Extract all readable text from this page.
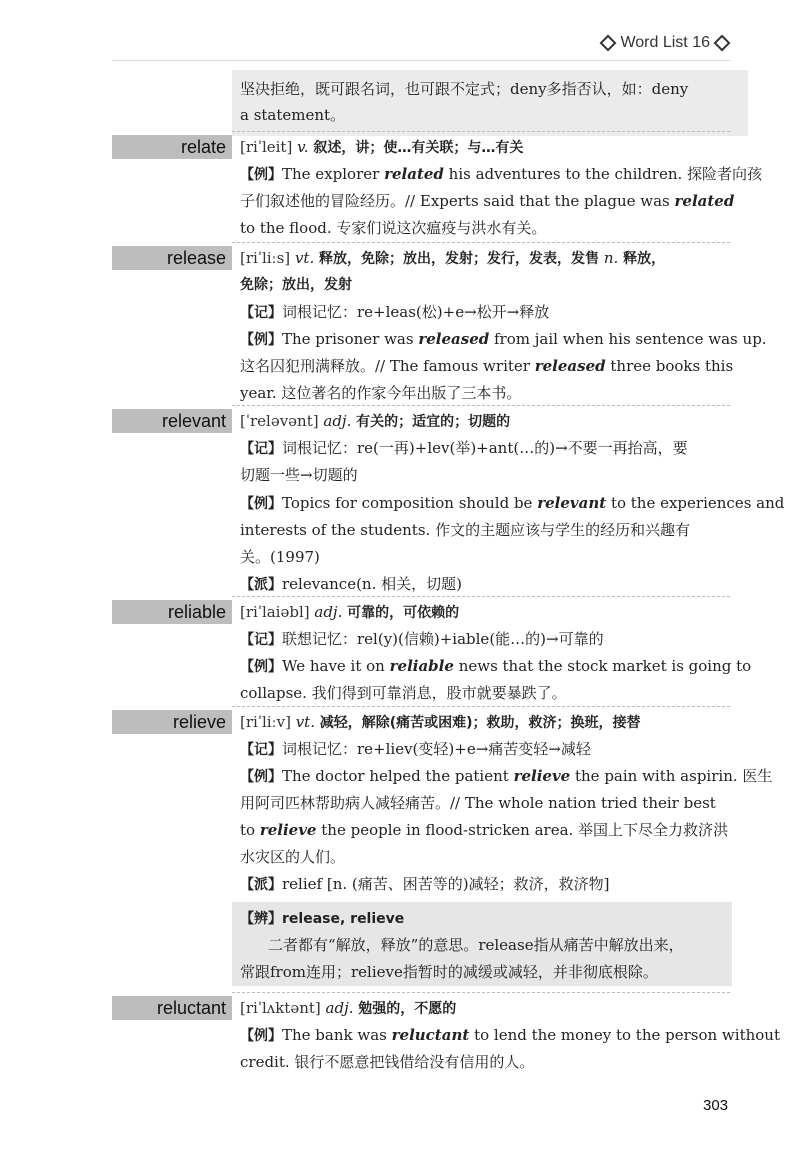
Word List 16
坚决拒绝，既可跟名词，也可跟不定式；deny多指否认，如：deny
a statement。
relate [riˈleit] v. 叙述，讲；使…有关联；与…有关
【例】The explorer related his adventures to the children. 探险者向孩
子们叙述他的冒险经历。// Experts said that the plague was related
to the flood. 专家们说这次瘟疫与洪水有关。
release [riˈliːs] vt. 释放，免除；放出，发射；发行，发表，发售 n. 释放，
免除；放出，发射
【记】词根记忆：re+leas(松)+e→松开→释放
【例】The prisoner was released from jail when his sentence was up.
这名囚犯刑满释放。// The famous writer released three books this
year. 这位著名的作家今年出版了三本书。
relevant [ˈreləvənt] adj. 有关的；适宜的；切题的
【记】词根记忆：re(一再)+lev(举)+ant(…的)→不要一再抬高，要
切题一些→切题的
【例】Topics for composition should be relevant to the experiences and
interests of the students. 作文的主题应该与学生的经历和兴趣有
关。(1997)
【派】relevance(n. 相关，切题)
reliable [riˈlaiəbl] adj. 可靠的，可依赖的
【记】联想记忆：rel(y)(信赖)+iable(能…的)→可靠的
【例】We have it on reliable news that the stock market is going to
collapse. 我们得到可靠消息，股市就要暴跌了。
relieve [riˈliːv] vt. 减轻，解除(痛苦或困难)；救助，救济；换班，接替
【记】词根记忆：re+liev(变轻)+e→痛苦变轻→减轻
【例】The doctor helped the patient relieve the pain with aspirin. 医生
用阿司匹林帮助病人减轻痛苦。// The whole nation tried their best
to relieve the people in flood-stricken area. 举国上下尽全力救济洪
水灾区的人们。
【派】relief [n. (痛苦、困苦等的)减轻；救济，救济物]
【辨】release, relieve
二者都有“解放，释放”的意思。release指从痛苦中解放出来，
常跟from连用；relieve指暂时的减缓或减轻，并非彻底根除。
reluctant [riˈlʌktənt] adj. 勉强的，不愿的
【例】The bank was reluctant to lend the money to the person without
credit. 银行不愿意把钱借给没有信用的人。
303
